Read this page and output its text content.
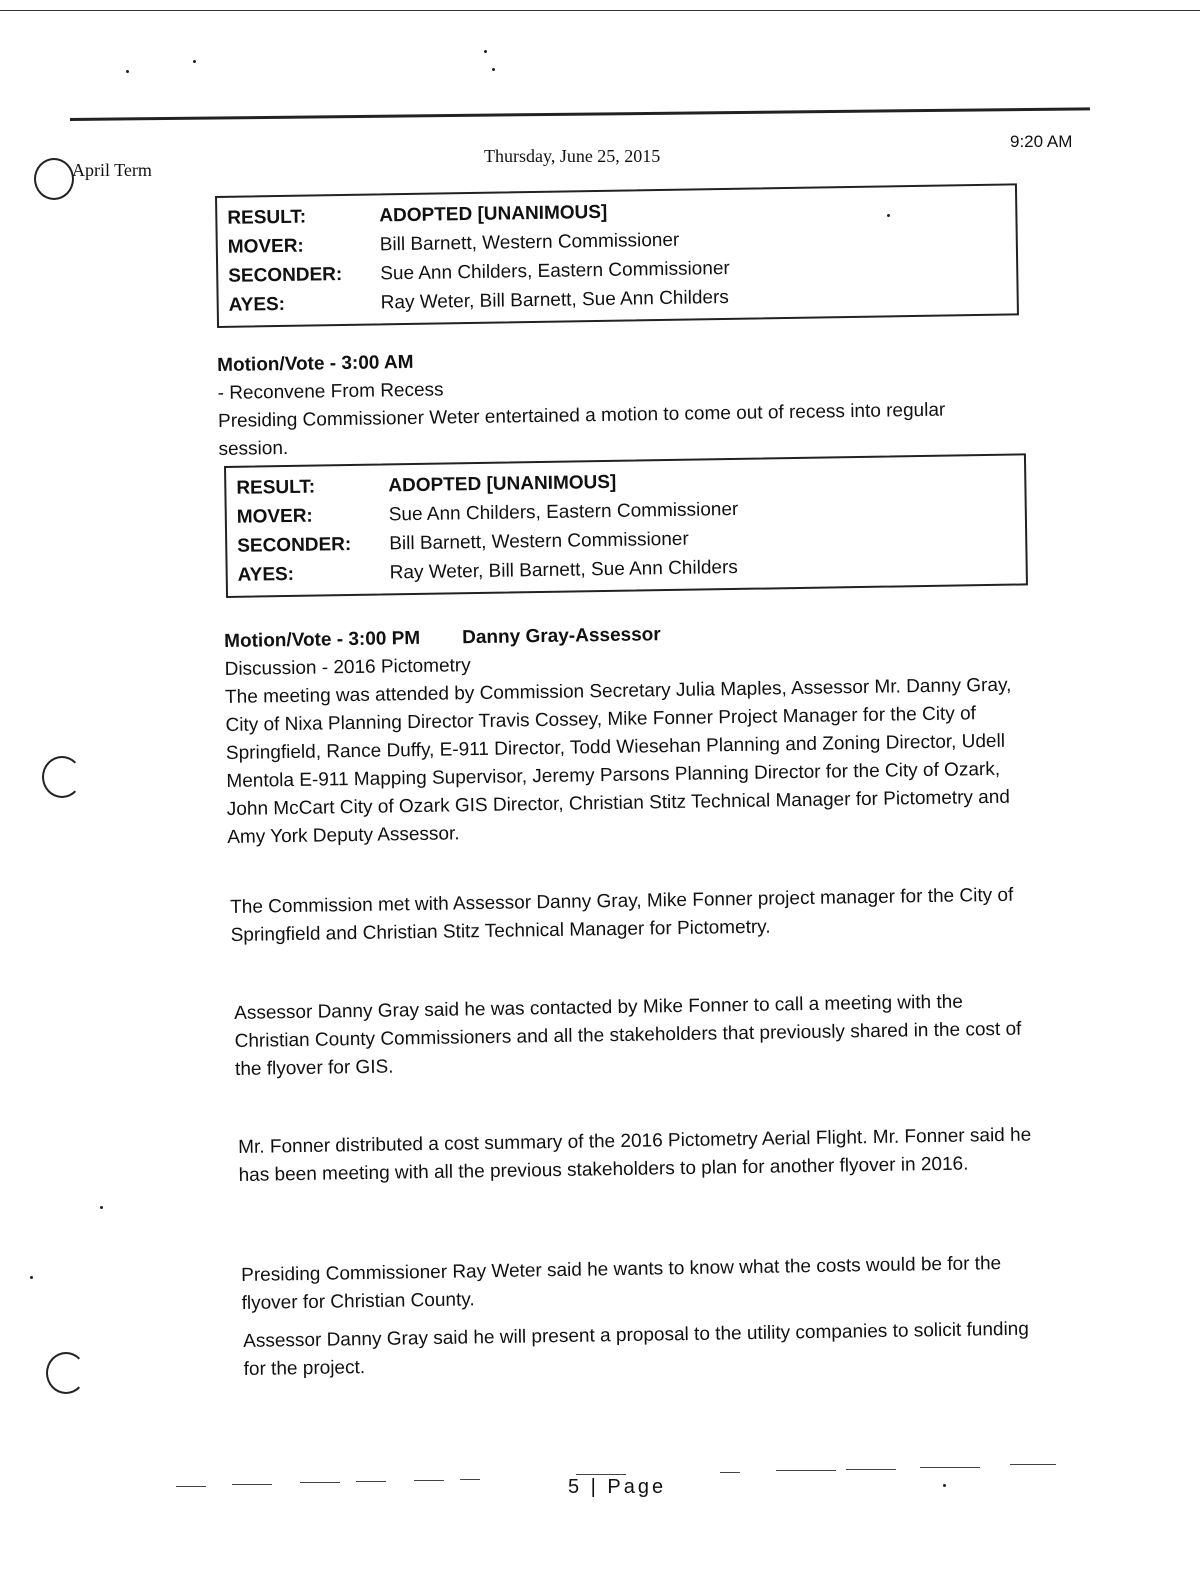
April Term
Thursday, June 25, 2015
9:20 AM
RESULT:	ADOPTED [UNANIMOUS]
MOVER:	Bill Barnett, Western Commissioner
SECONDER:	Sue Ann Childers, Eastern Commissioner
AYES:	Ray Weter, Bill Barnett, Sue Ann Childers
Motion/Vote - 3:00 AM
- Reconvene From Recess
Presiding Commissioner Weter entertained a motion to come out of recess into regular session.
RESULT:	ADOPTED [UNANIMOUS]
MOVER:	Sue Ann Childers, Eastern Commissioner
SECONDER:	Bill Barnett, Western Commissioner
AYES:	Ray Weter, Bill Barnett, Sue Ann Childers
Motion/Vote - 3:00 PM Danny Gray-Assessor
Discussion - 2016 Pictometry
The meeting was attended by Commission Secretary Julia Maples, Assessor Mr. Danny Gray, City of Nixa Planning Director Travis Cossey, Mike Fonner Project Manager for the City of Springfield, Rance Duffy, E-911 Director, Todd Wiesehan Planning and Zoning Director, Udell Mentola E-911 Mapping Supervisor, Jeremy Parsons Planning Director for the City of Ozark, John McCart City of Ozark GIS Director, Christian Stitz Technical Manager for Pictometry and Amy York Deputy Assessor.
The Commission met with Assessor Danny Gray, Mike Fonner project manager for the City of Springfield and Christian Stitz Technical Manager for Pictometry.
Assessor Danny Gray said he was contacted by Mike Fonner to call a meeting with the Christian County Commissioners and all the stakeholders that previously shared in the cost of the flyover for GIS.
Mr. Fonner distributed a cost summary of the 2016 Pictometry Aerial Flight. Mr. Fonner said he has been meeting with all the previous stakeholders to plan for another flyover in 2016.
Presiding Commissioner Ray Weter said he wants to know what the costs would be for the flyover for Christian County.
Assessor Danny Gray said he will present a proposal to the utility companies to solicit funding for the project.
5 | Page
